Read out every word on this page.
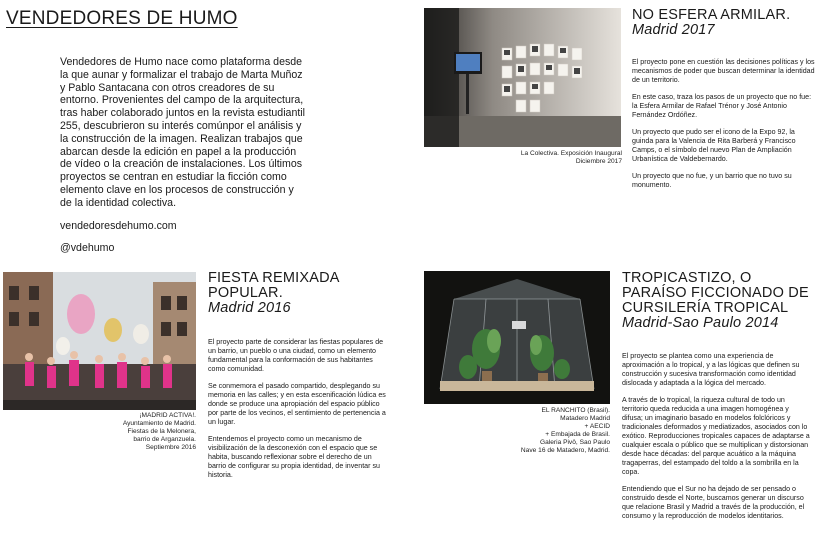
VENDEDORES DE HUMO

Vendedores de Humo nace como plataforma desde la que aunar y formalizar el trabajo de Marta Muñoz y Pablo Santacana con otros creadores de su entorno. Provenientes del campo de la arquitectura, tras haber colaborado juntos en la revista estudiantil 255, descubrieron su interés comúnpor el análisis y la construcción de la imagen. Realizan trabajos que abarcan desde la edición en papel a la producción de vídeo o la creación de instalaciones. Los últimos proyectos se centran en estudiar la ficción como elemento clave en los procesos de construcción y de la identidad colectiva.

vendedoresdehumo.com

@vdehumo

La Colectiva. Exposición Inaugural
Diciembre 2017
NO ESFERA ARMILAR.
Madrid 2017

El proyecto pone en cuestión las decisiones políticas y los mecanismos de poder que buscan determinar la identidad de un territorio.

En este caso, traza los pasos de un proyecto que no fue: la Esfera Armilar de Rafael Trénor y José Antonio Fernández Ordóñez.

Un proyecto que pudo ser el icono de la Expo 92, la guinda para la Valencia de Rita Barberá y Francisco Camps, o el símbolo del nuevo Plan de Ampliación Urbanística de Valdebernardo.

Un proyecto que no fue, y un barrio que no tuvo su monumento.

¡MADRID ACTIVA!.
Ayuntamiento de Madrid.
Fiestas de la Melonera,
barrio de Arganzuela.
Septiembre 2016
FIESTA REMIXADA POPULAR.
Madrid 2016

El proyecto parte de considerar las fiestas populares de un barrio, un pueblo o una ciudad, como un elemento fundamental para la conformación de sus habitantes como comunidad.

Se conmemora el pasado compartido, desplegando su memoria en las calles; y en esta escenificación lúdica es donde se produce una apropiación del espacio público por parte de los vecinos, el sentimiento de pertenencia a un lugar.

Entendemos el proyecto como un mecanismo de visibilización de la desconexión con el espacio que se habita, buscando reflexionar sobre el derecho de un barrio de configurar su propia identidad, de inventar su historia.

EL RANCHITO (Brasil).
Matadero Madrid
+ AECID
+ Embajada de Brasil.
Galeria Pivô, Sao Paulo
Nave 16 de Matadero, Madrid.
TROPICASTIZO, O PARAÍSO FICCIONADO DE CURSILERÍA TROPICAL
Madrid-Sao Paulo 2014

El proyecto se plantea como una experiencia de aproximación a lo tropical, y a las lógicas que definen su construcción y sucesiva transformación como identidad dislocada y adaptada a la lógica del mercado.

A través de lo tropical, la riqueza cultural de todo un territorio queda reducida a una imagen homogénea y difusa; un imaginario basado en modelos folclóricos y tradicionales deformados y mediatizados, asociados con lo exótico. Reproducciones tropicales capaces de adaptarse a cualquier escala o público que se multiplican y distorsionan desde hace décadas: del parque acuático a la máquina tragaperras, del estampado del toldo a la sombrilla en la copa.

Entendiendo que el Sur no ha dejado de ser pensado o construido desde el Norte, buscamos generar un discurso que relacione Brasil y Madrid a través de la producción, el consumo y la reproducción de modelos identitarios.
